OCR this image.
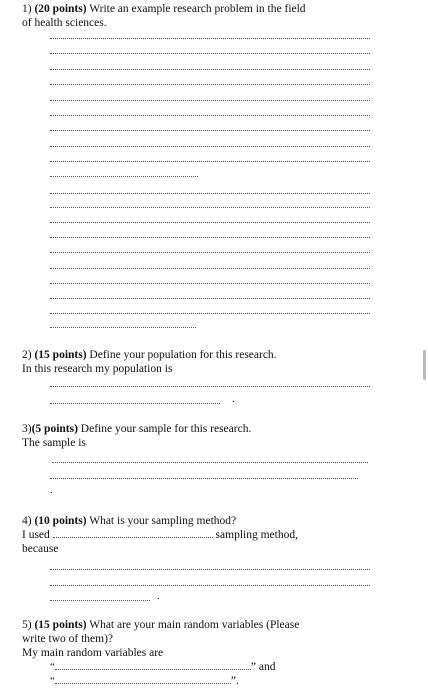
1) (20 points) Write an example research problem in the field
of health sciences.

2) (15 points) Define your population for this research.
In this research my population is

.

3)(5 points) Define your sample for this research.
The sample is

.

4) (10 points) What is your sampling method?
I used	sampling method,
because

.

5) (15 points) What are your main random variables (Please
write two of them)?
My main random variables are
“	” and
“	”.
